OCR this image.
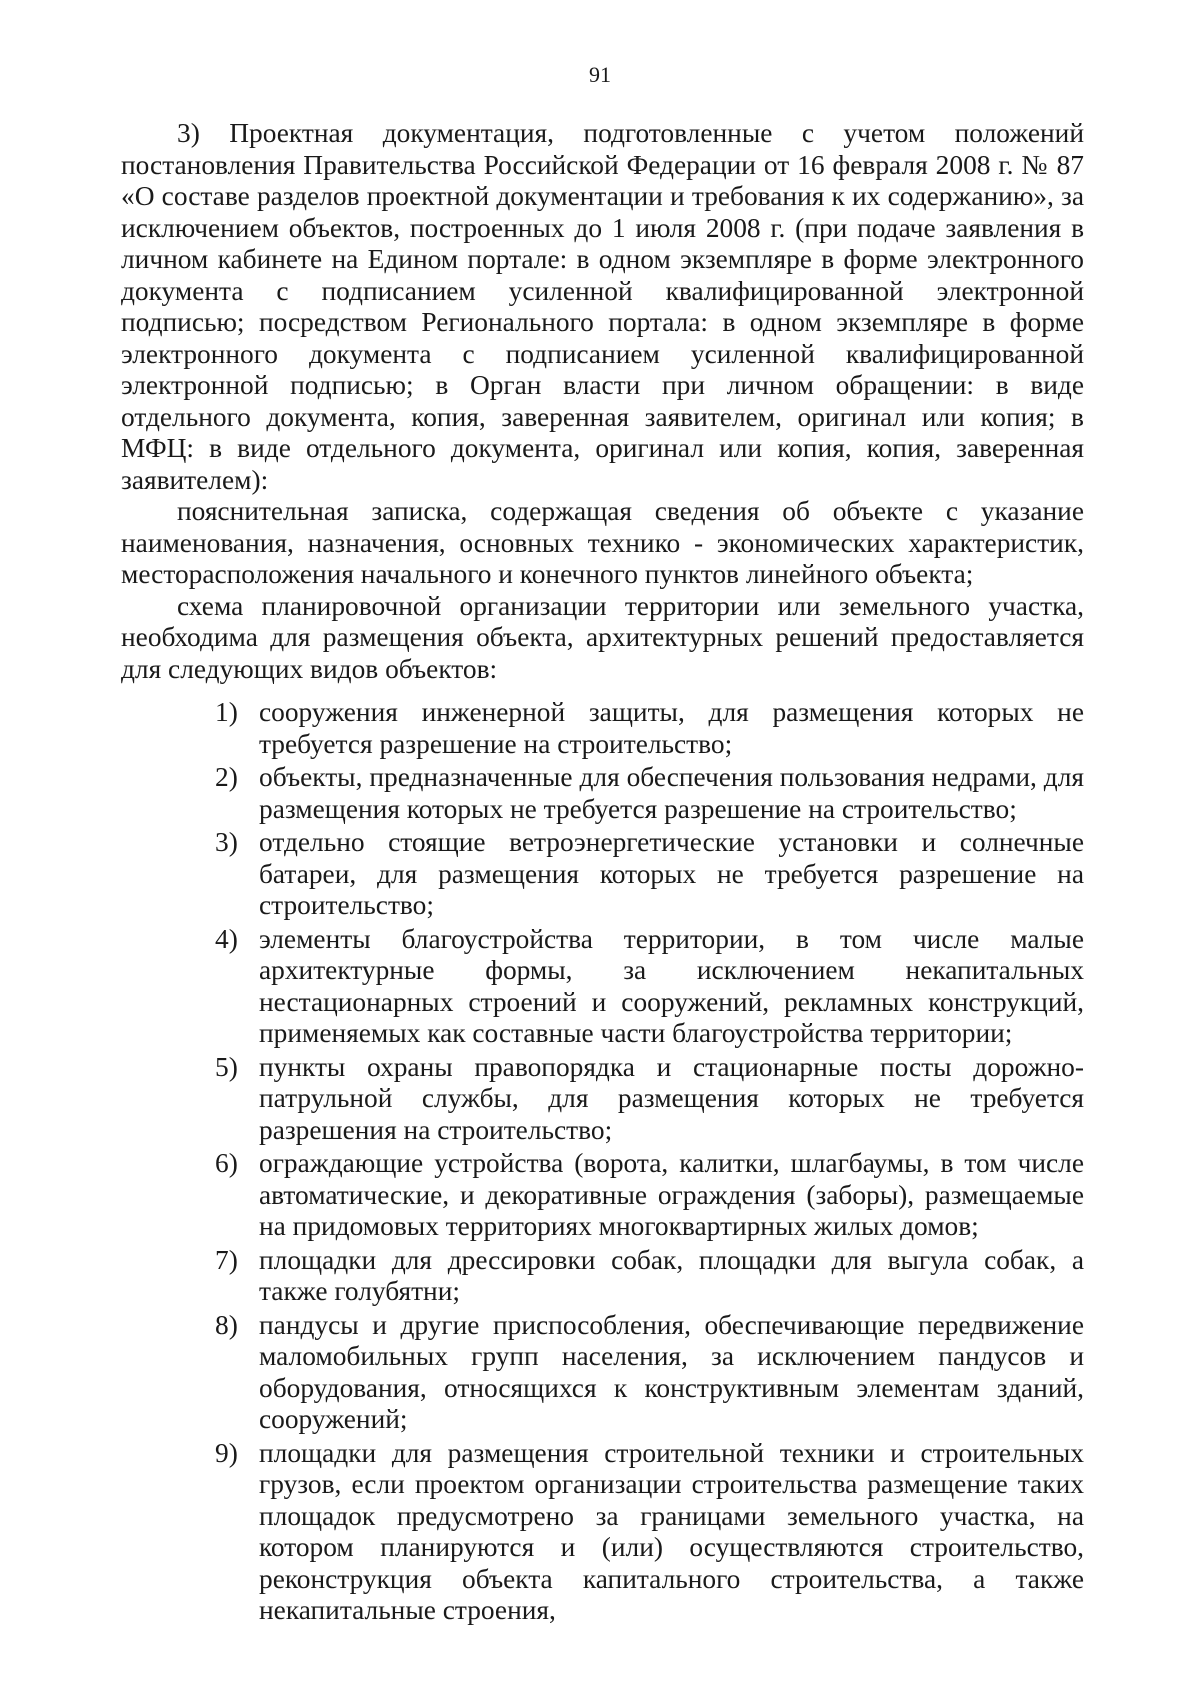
91

3) Проектная документация, подготовленные с учетом положений постановления Правительства Российской Федерации от 16 февраля 2008 г. № 87 «О составе разделов проектной документации и требования к их содержанию», за исключением объектов, построенных до 1 июля 2008 г. (при подаче заявления в личном кабинете на Едином портале: в одном экземпляре в форме электронного документа с подписанием усиленной квалифицированной электронной подписью; посредством Регионального портала: в одном экземпляре в форме электронного документа с подписанием усиленной квалифицированной электронной подписью; в Орган власти при личном обращении: в виде отдельного документа, копия, заверенная заявителем, оригинал или копия; в МФЦ: в виде отдельного документа, оригинал или копия, копия, заверенная заявителем):

пояснительная записка, содержащая сведения об объекте с указание наименования, назначения, основных технико - экономических характеристик, месторасположения начального и конечного пунктов линейного объекта;

схема планировочной организации территории или земельного участка, необходима для размещения объекта, архитектурных решений предоставляется для следующих видов объектов:

1) сооружения инженерной защиты, для размещения которых не требуется разрешение на строительство;
2) объекты, предназначенные для обеспечения пользования недрами, для размещения которых не требуется разрешение на строительство;
3) отдельно стоящие ветроэнергетические установки и солнечные батареи, для размещения которых не требуется разрешение на строительство;
4) элементы благоустройства территории, в том числе малые архитектурные формы, за исключением некапитальных нестационарных строений и сооружений, рекламных конструкций, применяемых как составные части благоустройства территории;
5) пункты охраны правопорядка и стационарные посты дорожно-патрульной службы, для размещения которых не требуется разрешения на строительство;
6) ограждающие устройства (ворота, калитки, шлагбаумы, в том числе автоматические, и декоративные ограждения (заборы), размещаемые на придомовых территориях многоквартирных жилых домов;
7) площадки для дрессировки собак, площадки для выгула собак, а также голубятни;
8) пандусы и другие приспособления, обеспечивающие передвижение маломобильных групп населения, за исключением пандусов и оборудования, относящихся к конструктивным элементам зданий, сооружений;
9) площадки для размещения строительной техники и строительных грузов, если проектом организации строительства размещение таких площадок предусмотрено за границами земельного участка, на котором планируются и (или) осуществляются строительство, реконструкция объекта капитального строительства, а также некапитальные строения,
